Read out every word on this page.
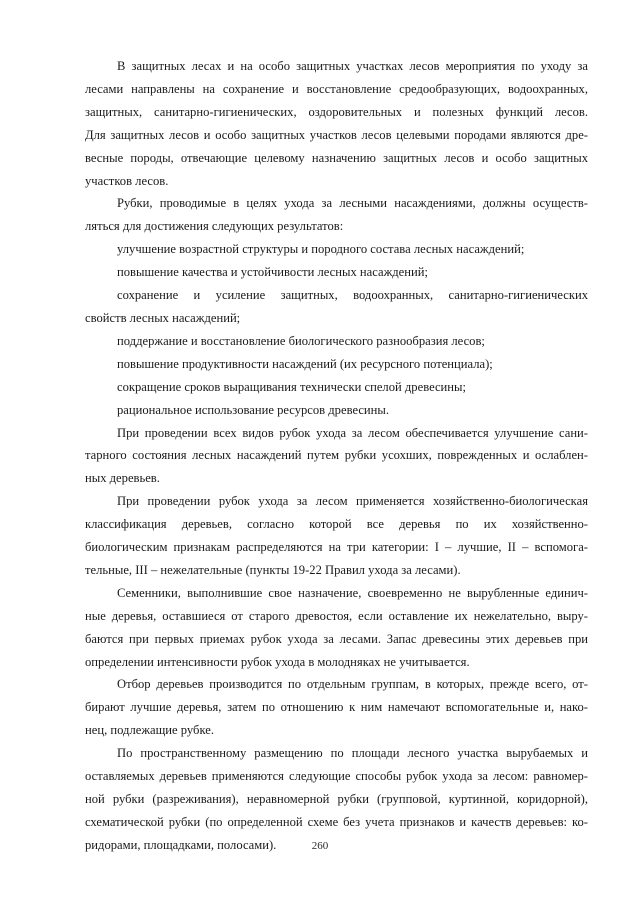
В защитных лесах и на особо защитных участках лесов мероприятия по уходу за
лесами направлены на сохранение и восстановление средообразующих, водоохранных,
защитных, санитарно-гигиенических, оздоровительных и полезных функций лесов.
Для защитных лесов и особо защитных участков лесов целевыми породами являются дре-
весные породы, отвечающие целевому назначению защитных лесов и особо защитных
участков лесов.

Рубки, проводимые в целях ухода за лесными насаждениями, должны осуществ-
ляться для достижения следующих результатов:

улучшение возрастной структуры и породного состава лесных насаждений;
повышение качества и устойчивости лесных насаждений;

сохранение и усиление защитных, водоохранных, санитарно-гигиенических
свойств лесных насаждений;

поддержание и восстановление биологического разнообразия лесов;
повышение продуктивности насаждений (их ресурсного потенциала);
сокращение сроков выращивания технически спелой древесины;
рациональное использование ресурсов древесины.

При проведении всех видов рубок ухода за лесом обеспечивается улучшение сани-
тарного состояния лесных насаждений путем рубки усохших, поврежденных и ослаблен-
ных деревьев.

При проведении рубок ухода за лесом применяется хозяйственно-биологическая
классификация деревьев, согласно которой все деревья по их хозяйственно-
биологическим признакам распределяются на три категории: I – лучшие, II – вспомога-
тельные, III – нежелательные (пункты 19-22 Правил ухода за лесами).

Семенники, выполнившие свое назначение, своевременно не вырубленные единич-
ные деревья, оставшиеся от старого древостоя, если оставление их нежелательно, выру-
баются при первых приемах рубок ухода за лесами. Запас древесины этих деревьев при
определении интенсивности рубок ухода в молодняках не учитывается.

Отбор деревьев производится по отдельным группам, в которых, прежде всего, от-
бирают лучшие деревья, затем по отношению к ним намечают вспомогательные и, нако-
нец, подлежащие рубке.

По пространственному размещению по площади лесного участка вырубаемых и
оставляемых деревьев применяются следующие способы рубок ухода за лесом: равномер-
ной рубки (разреживания), неравномерной рубки (групповой, куртинной, коридорной),
схематической рубки (по определенной схеме без учета признаков и качеств деревьев: ко-
ридорами, площадками, полосами).	260
